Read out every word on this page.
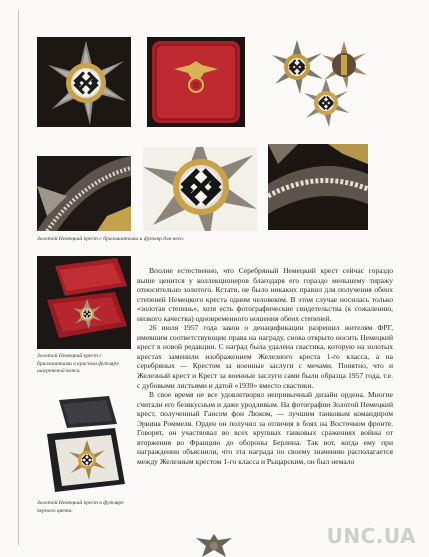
Золотой Немецкий крест с бриллиантами и футляр для него.
Золотой Немецкий крест с бриллиантами в красном футляре шагреневой кожи.
Золотой Немецкий крест в футляре черного цвета.

Вполне естественно, что Серебряный Немецкий крест сейчас гораздо выше ценится у коллекционеров благодаря его гораздо меньшему тиражу относительно золотого. Кстати, не было никаких правил для получения обеих степеней Немецкого креста одним человеком. В этом случае носилась только «золотая степень», хотя есть фотографические свидетельства (к сожалению, низкого качества) одновременного ношения обеих степеней.

26 июля 1957 года закон о денацификации разрешил жителям ФРГ, имевшим соответствующие права на награду, снова открыто носить Немецкий крест в новой редакции. С наград была удалена свастика, которую на золотых крестах заменили изображением Железного креста 1-го класса, а на серебряных — Крестом за военные заслуги с мечами. Понятно, что и Железный крест и Крест за военные заслуги сами были образца 1957 года, т.е. с дубовыми листьями и датой «1939» вместо свастики.

В свое время не все удовлетворял непривычный дизайн ордена. Многие считали его безвкусным и даже уродливым. На фотографии Золотой Немецкий крест, полученный Гансом фон Люком, — лучшим танковым командиром Эрвина Роммеля. Орден он получил за отличия в боях на Восточном фронте. Говорят, он участвовал во всех крупных танковых сражениях войны от вторжения во Францию до обороны Берлина. Так вот, когда ему при награждении объяснили, что эта награда по своему значению располагается между Железным крестом 1-го класса и Рыцарским, он был немало

UNC.UA
